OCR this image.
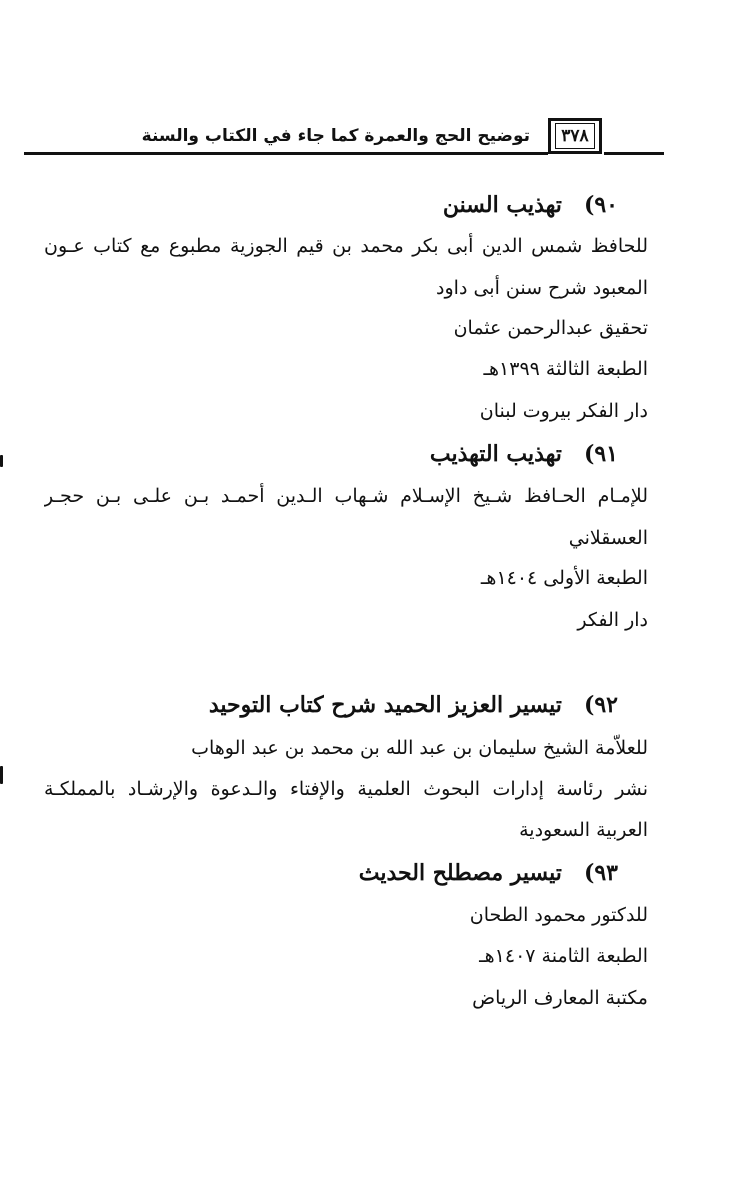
توضيح الحج والعمرة كما جاء في الكتاب والسنة	٣٧٨
٩٠)تهذيب السنن
للحافظ شمس الدين أبى بكر محمد بن قيم الجوزية مطبوع مع كتاب عـون
المعبود شرح سنن أبى داود
تحقيق عبدالرحمن عثمان
الطبعة الثالثة ١٣٩٩هـ
دار الفكر بيروت لبنان
٩١)تهذيب التهذيب
للإمـام الحـافظ شـيخ الإسـلام شـهاب الـدين أحمـد بـن علـى بـن حجـر
العسقلاني
الطبعة الأولى ١٤٠٤هـ
دار الفكر
٩٢)تيسير العزيز الحميد شرح كتاب التوحيد
للعلاّمة الشيخ سليمان بن عبد الله بن محمد بن عبد الوهاب
نشر رئاسة إدارات البحوث العلمية والإفتاء والـدعوة والإرشـاد بالمملكـة
العربية السعودية
٩٣)تيسير مصطلح الحديث
للدكتور محمود الطحان
الطبعة الثامنة ١٤٠٧هـ
مكتبة المعارف الرياض
